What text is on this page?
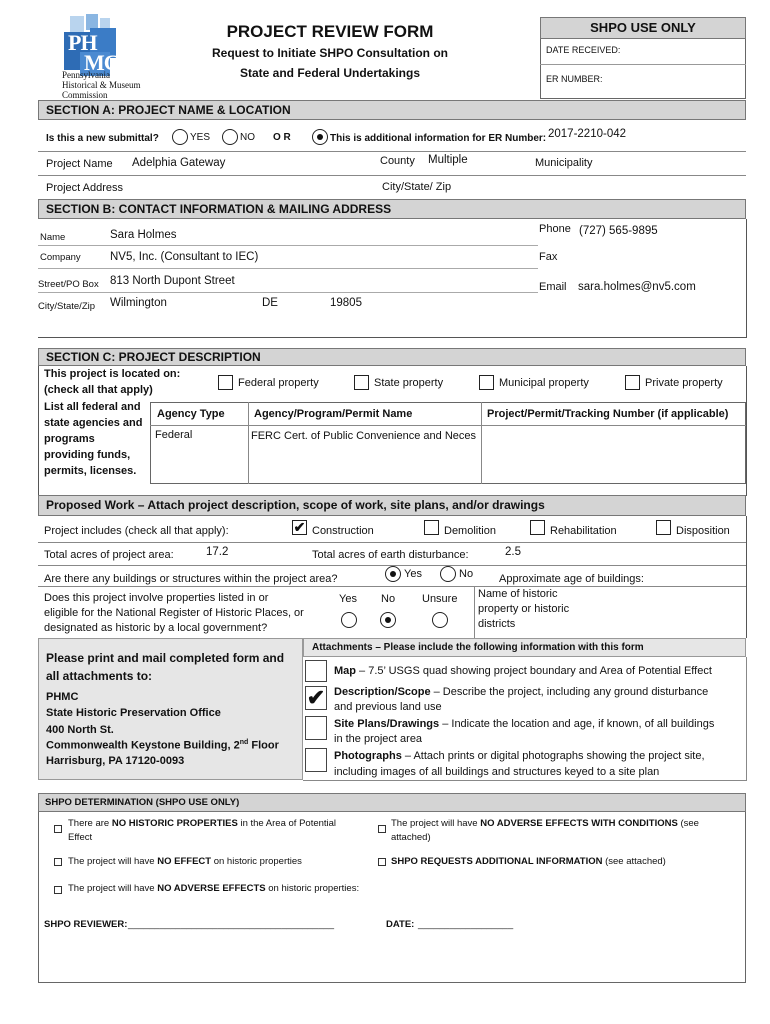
PH
MC
Pennsylvania
Historical & Museum
Commission
PROJECT REVIEW FORM
Request to Initiate SHPO Consultation on
State and Federal Undertakings
SHPO USE ONLY
DATE RECEIVED:
ER NUMBER:
SECTION A: PROJECT NAME & LOCATION
Is this a new submittal?	YES	NO O R	This is additional information for ER Number: 2017-2210-042
Project Name Adelphia Gateway	County Multiple	Municipality
Project Address	City/State/ Zip
SECTION B: CONTACT INFORMATION & MAILING ADDRESS
Name	Sara Holmes
Company	NV5, Inc. (Consultant to IEC)
Street/PO Box 813 North Dupont Street
City/State/Zip Wilmington	DE	19805
Phone (727) 565-9895
Fax
Email sara.holmes@nv5.com
SECTION C: PROJECT DESCRIPTION
This project is located on:
(check all that apply)
Federal property	State property	Municipal property	Private property
List all federal and
state agencies and
programs
providing funds,
permits, licenses.
Agency Type	Agency/Program/Permit Name	Project/Permit/Tracking Number (if applicable)
Federal	FERC Cert. of Public Convenience and Neces
Proposed Work – Attach project description, scope of work, site plans, and/or drawings
Project includes (check all that apply):	✔ Construction	Demolition	Rehabilitation	Disposition
Total acres of project area:	17.2	Total acres of earth disturbance:	2.5
Are there any buildings or structures within the project area?	Yes	No Approximate age of buildings:
Does this project involve properties listed in or
eligible for the National Register of Historic Places, or
designated as historic by a local government?
Yes No Unsure Name of historic
property or historic
districts
Please print and mail completed form and
all attachments to:
PHMC
State Historic Preservation Office
400 North St.
Commonwealth Keystone Building, 2nd Floor
Harrisburg, PA 17120-0093
Attachments – Please include the following information with this form
Map – 7.5’ USGS quad showing project boundary and Area of Potential Effect
✔ Description/Scope – Describe the project, including any ground disturbance
and previous land use
Site Plans/Drawings – Indicate the location and age, if known, of all buildings
in the project area
Photographs – Attach prints or digital photographs showing the project site,
including images of all buildings and structures keyed to a site plan
SHPO DETERMINATION (SHPO USE ONLY)
There are NO HISTORIC PROPERTIES in the Area of Potential
Effect
The project will have NO ADVERSE EFFECTS WITH CONDITIONS (see
attached)
The project will have NO EFFECT on historic properties	SHPO REQUESTS ADDITIONAL INFORMATION (see attached)
The project will have NO ADVERSE EFFECTS on historic properties:
SHPO REVIEWER: _______________________________________	DATE: __________________
